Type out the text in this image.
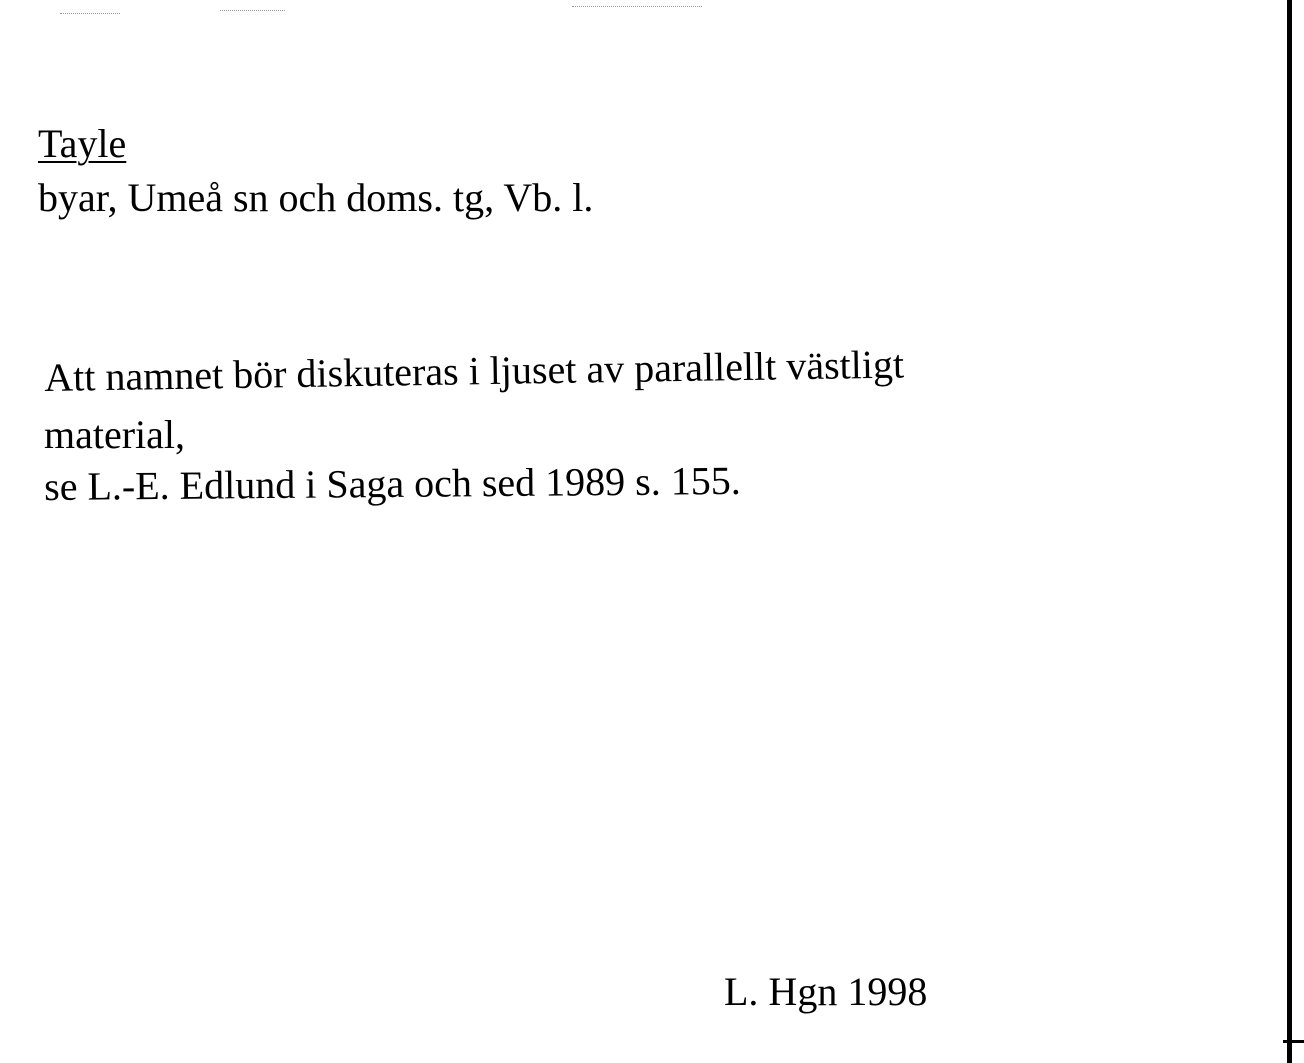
Tayle
byar, Umeå sn och doms. tg, Vb. l.
Att namnet bör diskuteras i ljuset av parallellt västligt
material,
se L.-E. Edlund i Saga och sed 1989 s. 155.
L. Hgn 1998
